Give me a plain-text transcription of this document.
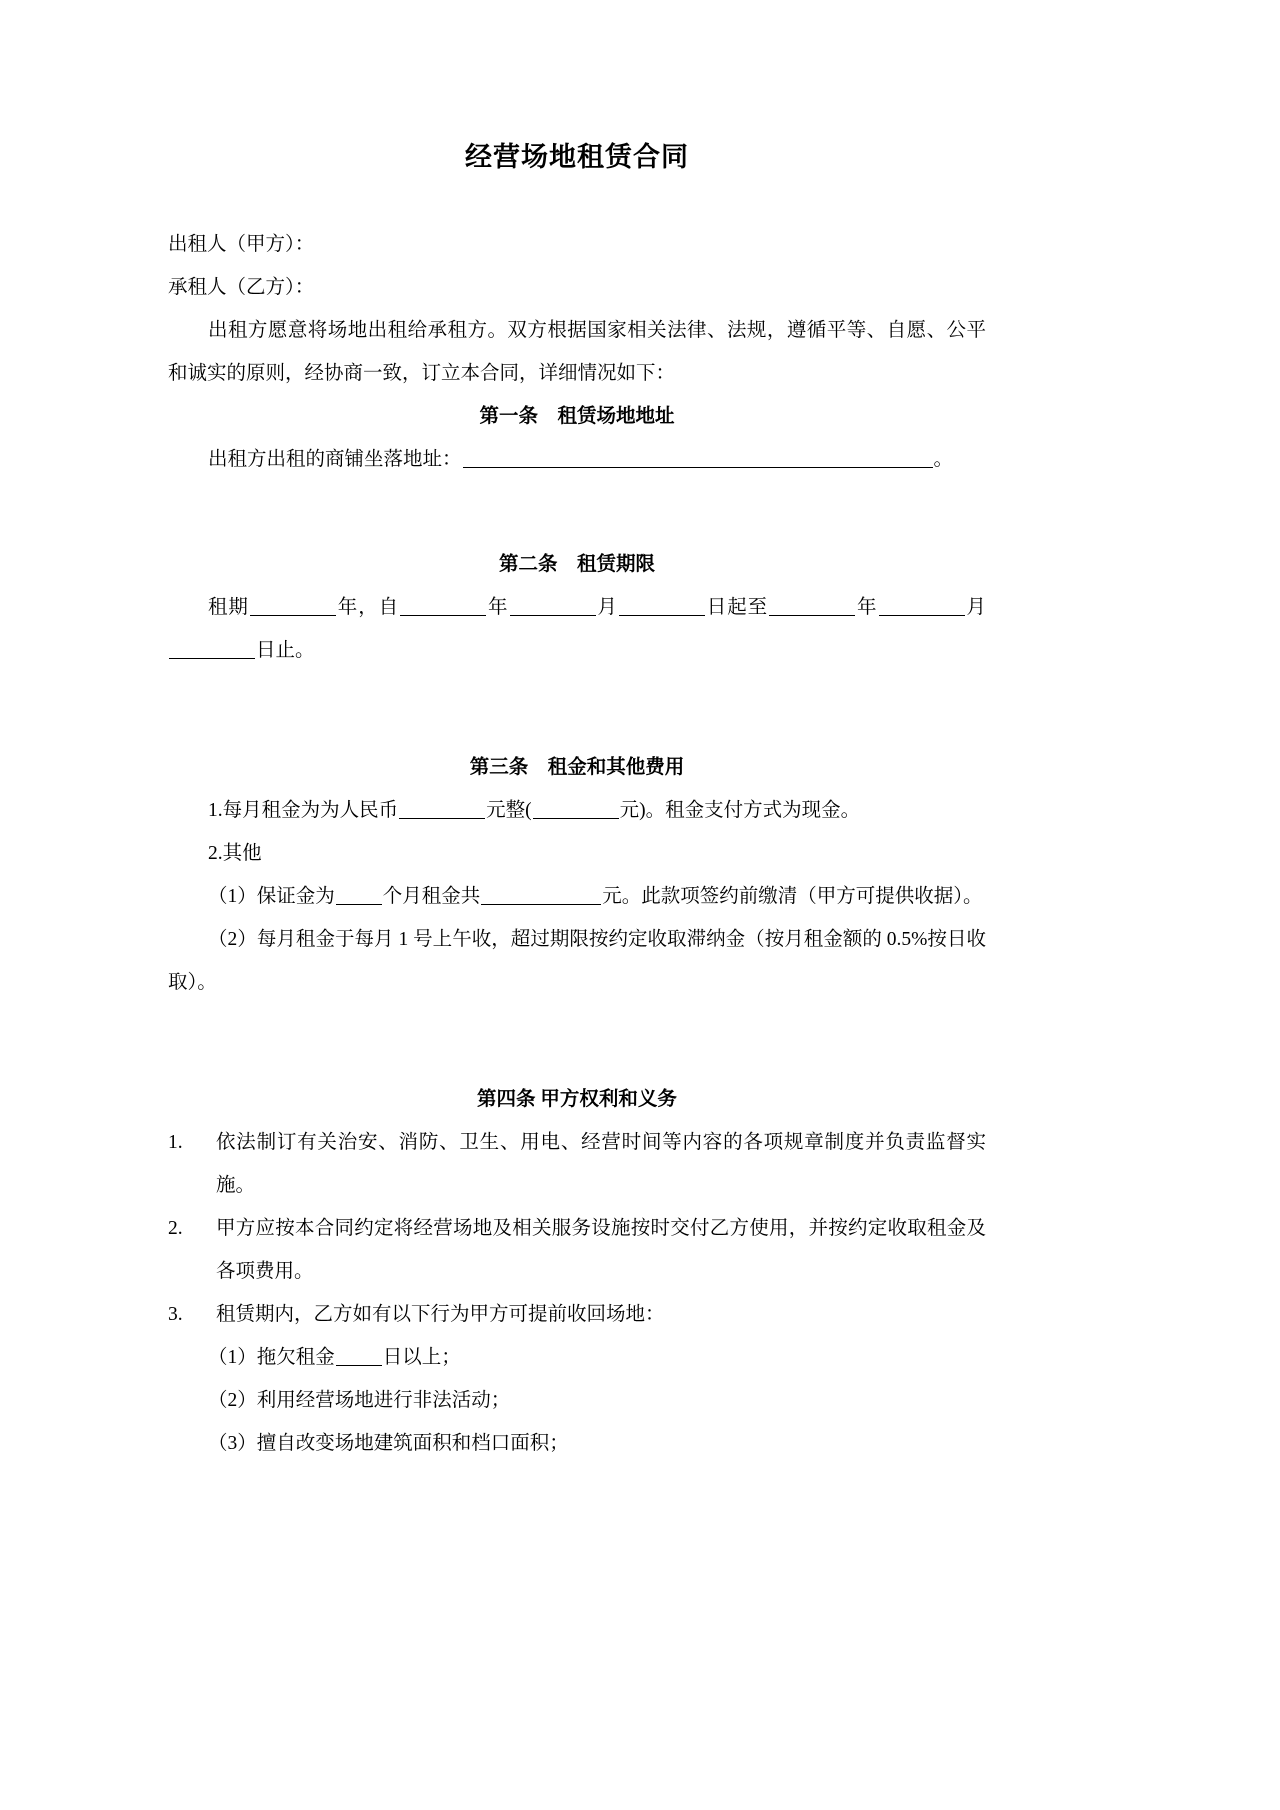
经营场地租赁合同

出租人（甲方）：

承租人（乙方）：

出租方愿意将场地出租给承租方。双方根据国家相关法律、法规，遵循平等、自愿、公平和诚实的原则，经协商一致，订立本合同，详细情况如下：

第一条　租赁场地地址

出租方出租的商铺坐落地址：	。

第二条　租赁期限

租期	年，自	年	月	日起至	年	月日止。

第三条　租金和其他费用

1.每月租金为为人民币	元整(	元)。租金支付方式为现金。

2.其他

（1）保证金为 个月租金共	元。此款项签约前缴清（甲方可提供收据）。

（2）每月租金于每月 1 号上午收，超过期限按约定收取滞纳金（按月租金额的 0.5%按日收取）。

第四条 甲方权利和义务

1.	依法制订有关治安、消防、卫生、用电、经营时间等内容的各项规章制度并负责监督实施。
2.	甲方应按本合同约定将经营场地及相关服务设施按时交付乙方使用，并按约定收取租金及各项费用。
3.	租赁期内，乙方如有以下行为甲方可提前收回场地：

（1）拖欠租金 日以上；

（2）利用经营场地进行非法活动；

（3）擅自改变场地建筑面积和档口面积；
